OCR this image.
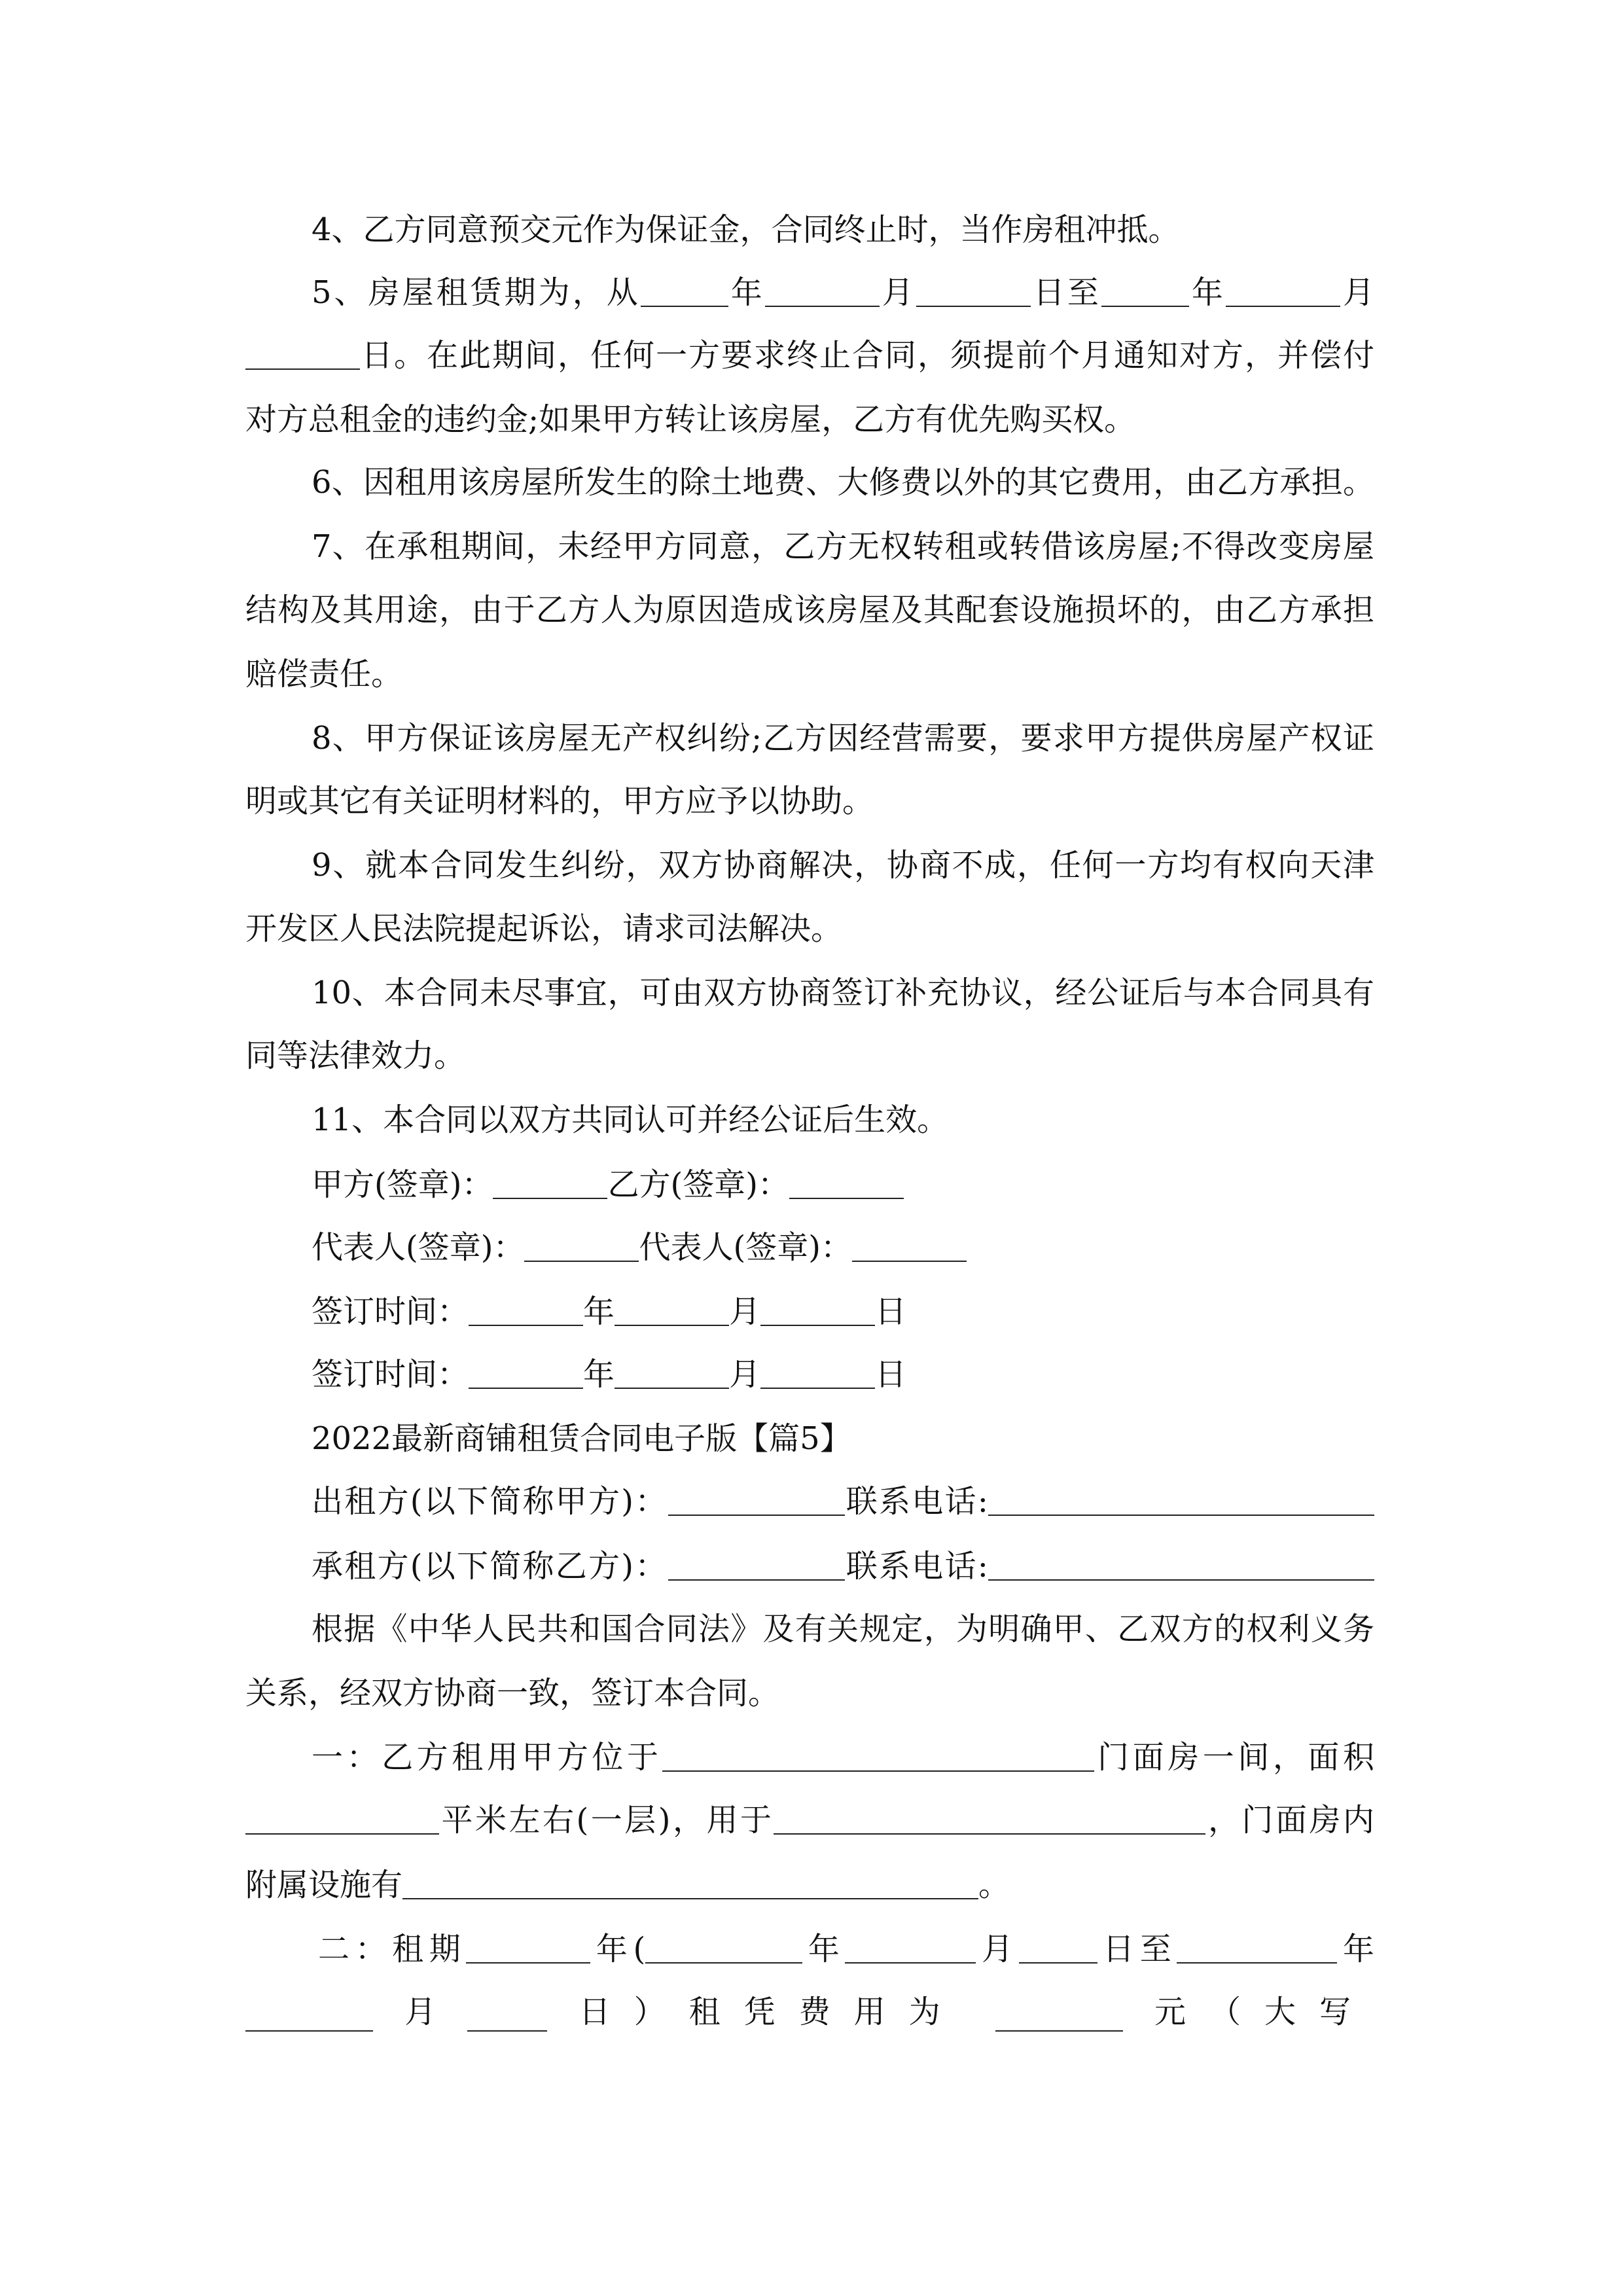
4、乙方同意预交元作为保证金，合同终止时，当作房租冲抵。
5、房屋租赁期为，从	年	月	日至	年	月
日。在此期间，任何一方要求终止合同，须提前个月通知对方，并偿付
对方总租金的违约金;如果甲方转让该房屋，乙方有优先购买权。
6、因租用该房屋所发生的除土地费、大修费以外的其它费用，由乙方承担。
7、在承租期间，未经甲方同意，乙方无权转租或转借该房屋;不得改变房屋
结构及其用途，由于乙方人为原因造成该房屋及其配套设施损坏的，由乙方承担
赔偿责任。
8、甲方保证该房屋无产权纠纷;乙方因经营需要，要求甲方提供房屋产权证
明或其它有关证明材料的，甲方应予以协助。
9、就本合同发生纠纷，双方协商解决，协商不成，任何一方均有权向天津
开发区人民法院提起诉讼，请求司法解决。
10、本合同未尽事宜，可由双方协商签订补充协议，经公证后与本合同具有
同等法律效力。
11、本合同以双方共同认可并经公证后生效。
甲方(签章)：	乙方(签章)：
代表人(签章)：	代表人(签章)：
签订时间：	年	月	日
签订时间：	年	月	日
2022最新商铺租赁合同电子版【篇5】
出租方(以下简称甲方)：	联系电话:
承租方(以下简称乙方)：	联系电话:
根据《中华人民共和国合同法》及有关规定，为明确甲、乙双方的权利义务
关系，经双方协商一致，签订本合同。
一：乙方租用甲方位于	门面房一间，面积
平米左右(一层)，用于	，门面房内
附属设施有	。
二：租期	年(	年	月	日至	年
月	日）租凭费用为	元（大写
